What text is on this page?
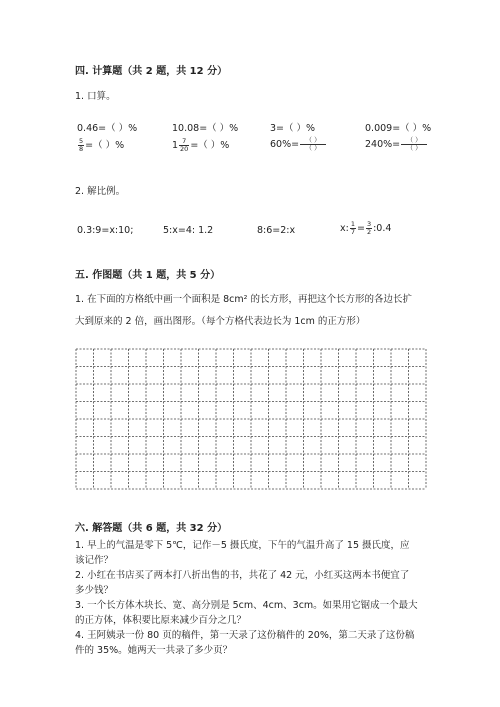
四. 计算题（共 2 题，共 12 分）
1. 口算。
0.46=（ ）%	10.08=（ ）%	3=（ ）%	0.009=（ ）%
$\frac{5}{8}$ =（ ）%	$1 \frac{7}{20}$ =（ ）%	$60\%= \frac{( )}{( )}$	$240\%= \frac{( )}{( )}$
2. 解比例。
0.3:9=x:10;	5:x=4: 1.2	8:6=2:x	x: $\frac{1}{7} = \frac{3}{2}$ :0.4
五. 作图题（共 1 题，共 5 分）
1. 在下面的方格纸中画一个面积是 8cm² 的长方形，再把这个长方形的各边长扩
大到原来的 2 倍，画出图形。（每个方格代表边长为 1cm 的正方形）
六. 解答题（共 6 题，共 32 分）
1. 早上的气温是零下 5℃，记作－5 摄氏度，下午的气温升高了 15 摄氏度，应
该记作？
2. 小红在书店买了两本打八折出售的书，共花了 42 元，小红买这两本书便宜了
多少钱？
3. 一个长方体木块长、宽、高分别是 5cm、4cm、3cm。如果用它锯成一个最大
的正方体，体积要比原来减少百分之几？
4. 王阿姨录一份 80 页的稿件，第一天录了这份稿件的 20%，第二天录了这份稿
件的 35%。她两天一共录了多少页？
